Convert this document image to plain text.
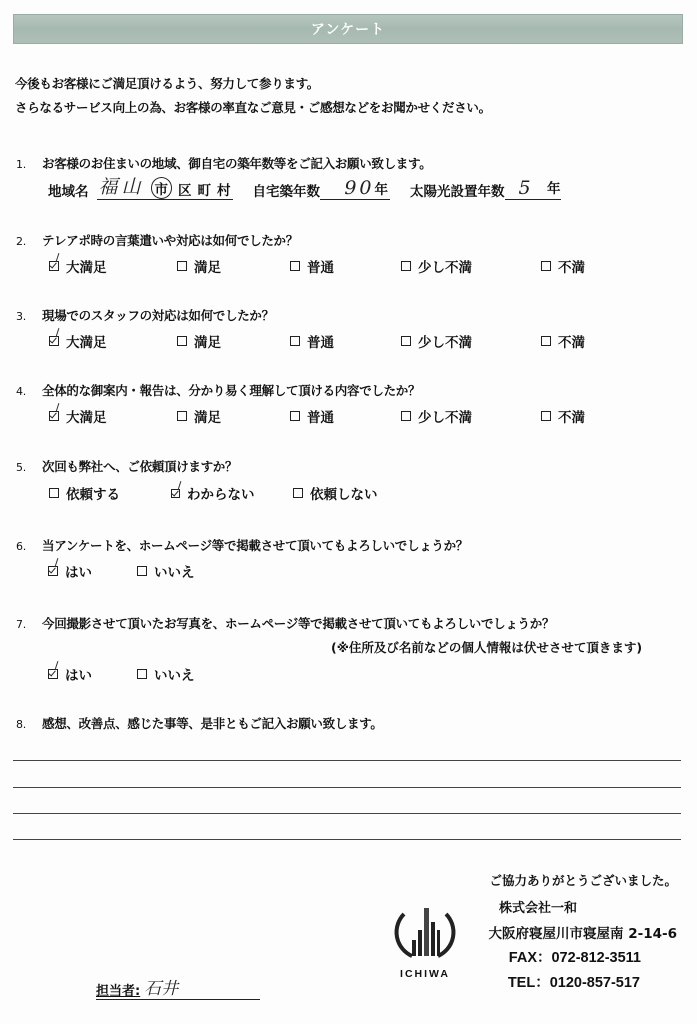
アンケート
今後もお客様にご満足頂けるよう、努力して参ります。
さらなるサービス向上の為、お客様の率直なご意見・ご感想などをお聞かせください。
1. お客様のお住まいの地域、御自宅の築年数等をご記入お願い致します。
地域名 福山 市 区 町 村 自宅築年数	90年 太陽光設置年数 5 年
2. テレアポ時の言葉遣いや対応は如何でしたか？
大満足	満足	普通	少し不満	不満
3. 現場でのスタッフの対応は如何でしたか？
大満足	満足	普通	少し不満	不満
4. 全体的な御案内・報告は、分かり易く理解して頂ける内容でしたか？
大満足	満足	普通	少し不満	不満
5. 次回も弊社へ、ご依頼頂けますか？
依頼する	わからない	依頼しない
6. 当アンケートを、ホームページ等で掲載させて頂いてもよろしいでしょうか？
はい	いいえ
7. 今回撮影させて頂いたお写真を、ホームページ等で掲載させて頂いてもよろしいでしょうか？
(※住所及び名前などの個人情報は伏せさせて頂きます)
はい	いいえ
8. 感想、改善点、感じた事等、是非ともご記入お願い致します。
ご協力ありがとうございました。
株式会社一和
大阪府寝屋川市寝屋南 2-14-6
FAX：072-812-3511
TEL：0120-857-517
ICHIWA
担当者: 石井
